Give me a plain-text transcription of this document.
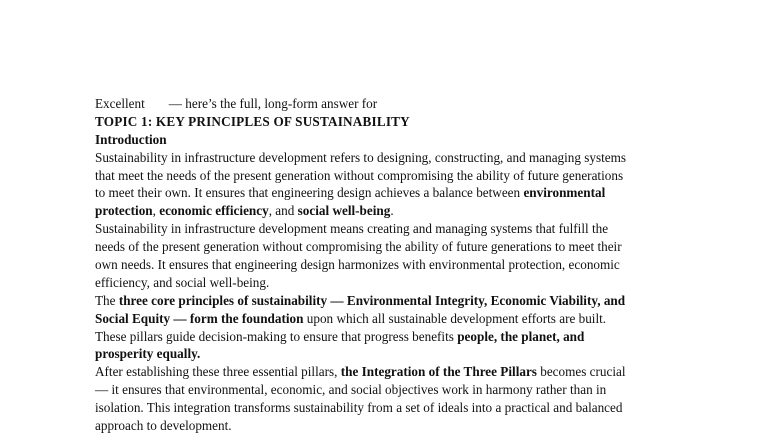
Excellent — here’s the full, long-form answer for
TOPIC 1: KEY PRINCIPLES OF SUSTAINABILITY
Introduction
Sustainability in infrastructure development refers to designing, constructing, and managing systems
that meet the needs of the present generation without compromising the ability of future generations
to meet their own. It ensures that engineering design achieves a balance between environmental
protection, economic efficiency, and social well-being.
Sustainability in infrastructure development means creating and managing systems that fulfill the
needs of the present generation without compromising the ability of future generations to meet their
own needs. It ensures that engineering design harmonizes with environmental protection, economic
efficiency, and social well-being.
The three core principles of sustainability — Environmental Integrity, Economic Viability, and
Social Equity — form the foundation upon which all sustainable development efforts are built.
These pillars guide decision-making to ensure that progress benefits people, the planet, and
prosperity equally.
After establishing these three essential pillars, the Integration of the Three Pillars becomes crucial
— it ensures that environmental, economic, and social objectives work in harmony rather than in
isolation. This integration transforms sustainability from a set of ideals into a practical and balanced
approach to development.
